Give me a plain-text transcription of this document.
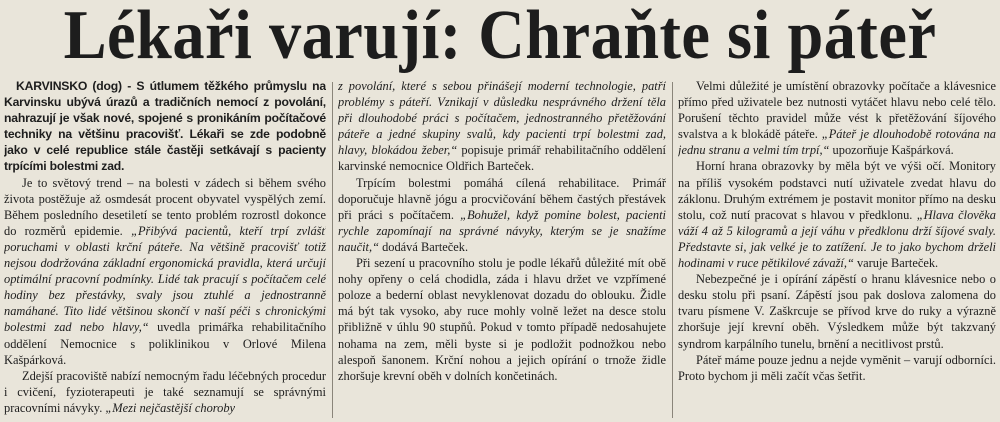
Lékaři varují: Chraňte si páteř

KARVINSKO (dog) - S útlumem těžkého průmyslu na Karvinsku ubývá úrazů a tradičních nemocí z povolání, nahrazují je však nové, spojené s pronikáním počítačové techniky na většinu pracovišť. Lékaři se zde podobně jako v celé republice stále častěji setkávají s pacienty trpícími bolestmi zad.

Je to světový trend – na bolesti v zádech si během svého života postěžuje až osmdesát procent obyvatel vyspělých zemí. Během posledního desetiletí se tento problém rozrostl dokonce do rozměrů epidemie. „Přibývá pacientů, kteří trpí zvlášť poruchami v oblasti krční páteře. Na většině pracovišť totiž nejsou dodržována základní ergonomická pravidla, která určují optimální pracovní podmínky. Lidé tak pracují s počítačem celé hodiny bez přestávky, svaly jsou ztuhlé a jednostranně namáhané. Tito lidé většinou skončí v naší péči s chronickými bolestmi zad nebo hlavy,“ uvedla primářka rehabilitačního oddělení Nemocnice s poliklinikou v Orlové Milena Kašpárková.

Zdejší pracoviště nabízí nemocným řadu léčebných procedur i cvičení, fyzioterapeuti je také seznamují se správnými pracovními návyky. „Mezi nejčastější choroby

z povolání, které s sebou přinášejí moderní technologie, patří problémy s páteří. Vznikají v důsledku nesprávného držení těla při dlouhodobé práci s počítačem, jednostranného přetěžování páteře a jedné skupiny svalů, kdy pacienti trpí bolestmi zad, hlavy, blokádou žeber,“ popisuje primář rehabilitačního oddělení karvinské nemocnice Oldřich Barteček.

Trpícím bolestmi pomáhá cílená rehabilitace. Primář doporučuje hlavně jógu a procvičování během častých přestávek při práci s počítačem. „Bohužel, když pomine bolest, pacienti rychle zapomínají na správné návyky, kterým se je snažíme naučit,“ dodává Barteček.

Při sezení u pracovního stolu je podle lékařů důležité mít obě nohy opřeny o celá chodidla, záda i hlavu držet ve vzpřímené poloze a bederní oblast nevyklenovat dozadu do oblouku. Židle má být tak vysoko, aby ruce mohly volně ležet na desce stolu přibližně v úhlu 90 stupňů. Pokud v tomto případě nedosahujete nohama na zem, měli byste si je podložit podnožkou nebo alespoň šanonem. Krční nohou a jejich opírání o trnože židle zhoršuje krevní oběh v dolních končetinách.

Velmi důležité je umístění obrazovky počítače a klávesnice přímo před uživatele bez nutnosti vytáčet hlavu nebo celé tělo. Porušení těchto pravidel může vést k přetěžování šíjového svalstva a k blokádě páteře. „Páteř je dlouhodobě rotována na jednu stranu a velmi tím trpí,“ upozorňuje Kašpárková.

Horní hrana obrazovky by měla být ve výši očí. Monitory na příliš vysokém podstavci nutí uživatele zvedat hlavu do záklonu. Druhým extrémem je postavit monitor přímo na desku stolu, což nutí pracovat s hlavou v předklonu. „Hlava člověka váží 4 až 5 kilogramů a její váhu v předklonu drží šíjové svaly. Představte si, jak velké je to zatížení. Je to jako bychom drželi hodinami v ruce pětikilové závaží,“ varuje Barteček.

Nebezpečné je i opírání zápěstí o hranu klávesnice nebo o desku stolu při psaní. Zápěstí jsou pak doslova zalomena do tvaru písmene V. Zaškrcuje se přívod krve do ruky a výrazně zhoršuje její krevní oběh. Výsledkem může být takzvaný syndrom karpálního tunelu, brnění a necitlivost prstů.

Páteř máme pouze jednu a nejde vyměnit – varují odborníci. Proto bychom ji měli začít včas šetřit.
